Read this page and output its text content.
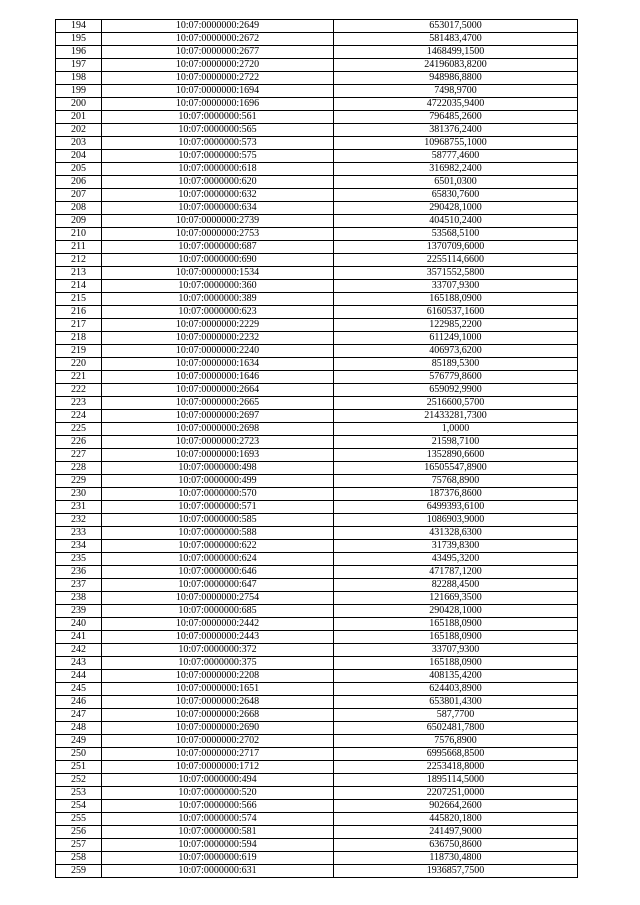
194	10:07:0000000:2649	653017,5000
195	10:07:0000000:2672	581483,4700
196	10:07:0000000:2677	1468499,1500
197	10:07:0000000:2720	24196083,8200
198	10:07:0000000:2722	948986,8800
199	10:07:0000000:1694	7498,9700
200	10:07:0000000:1696	4722035,9400
201	10:07:0000000:561	796485,2600
202	10:07:0000000:565	381376,2400
203	10:07:0000000:573	10968755,1000
204	10:07:0000000:575	58777,4600
205	10:07:0000000:618	316982,2400
206	10:07:0000000:620	6501,0300
207	10:07:0000000:632	65830,7600
208	10:07:0000000:634	290428,1000
209	10:07:0000000:2739	404510,2400
210	10:07:0000000:2753	53568,5100
211	10:07:0000000:687	1370709,6000
212	10:07:0000000:690	2255114,6600
213	10:07:0000000:1534	3571552,5800
214	10:07:0000000:360	33707,9300
215	10:07:0000000:389	165188,0900
216	10:07:0000000:623	6160537,1600
217	10:07:0000000:2229	122985,2200
218	10:07:0000000:2232	611249,1000
219	10:07:0000000:2240	406973,6200
220	10:07:0000000:1634	85189,5300
221	10:07:0000000:1646	576779,8600
222	10:07:0000000:2664	659092,9900
223	10:07:0000000:2665	2516600,5700
224	10:07:0000000:2697	21433281,7300
225	10:07:0000000:2698	1,0000
226	10:07:0000000:2723	21598,7100
227	10:07:0000000:1693	1352890,6600
228	10:07:0000000:498	16505547,8900
229	10:07:0000000:499	75768,8900
230	10:07:0000000:570	187376,8600
231	10:07:0000000:571	6499393,6100
232	10:07:0000000:585	1086903,9000
233	10:07:0000000:588	431328,6300
234	10:07:0000000:622	31739,8300
235	10:07:0000000:624	43495,3200
236	10:07:0000000:646	471787,1200
237	10:07:0000000:647	82288,4500
238	10:07:0000000:2754	121669,3500
239	10:07:0000000:685	290428,1000
240	10:07:0000000:2442	165188,0900
241	10:07:0000000:2443	165188,0900
242	10:07:0000000:372	33707,9300
243	10:07:0000000:375	165188,0900
244	10:07:0000000:2208	408135,4200
245	10:07:0000000:1651	624403,8900
246	10:07:0000000:2648	653801,4300
247	10:07:0000000:2668	587,7700
248	10:07:0000000:2690	6502481,7800
249	10:07:0000000:2702	7576,8900
250	10:07:0000000:2717	6995668,8500
251	10:07:0000000:1712	2253418,8000
252	10:07:0000000:494	1895114,5000
253	10:07:0000000:520	2207251,0000
254	10:07:0000000:566	902664,2600
255	10:07:0000000:574	445820,1800
256	10:07:0000000:581	241497,9000
257	10:07:0000000:594	636750,8600
258	10:07:0000000:619	118730,4800
259	10:07:0000000:631	1936857,7500
